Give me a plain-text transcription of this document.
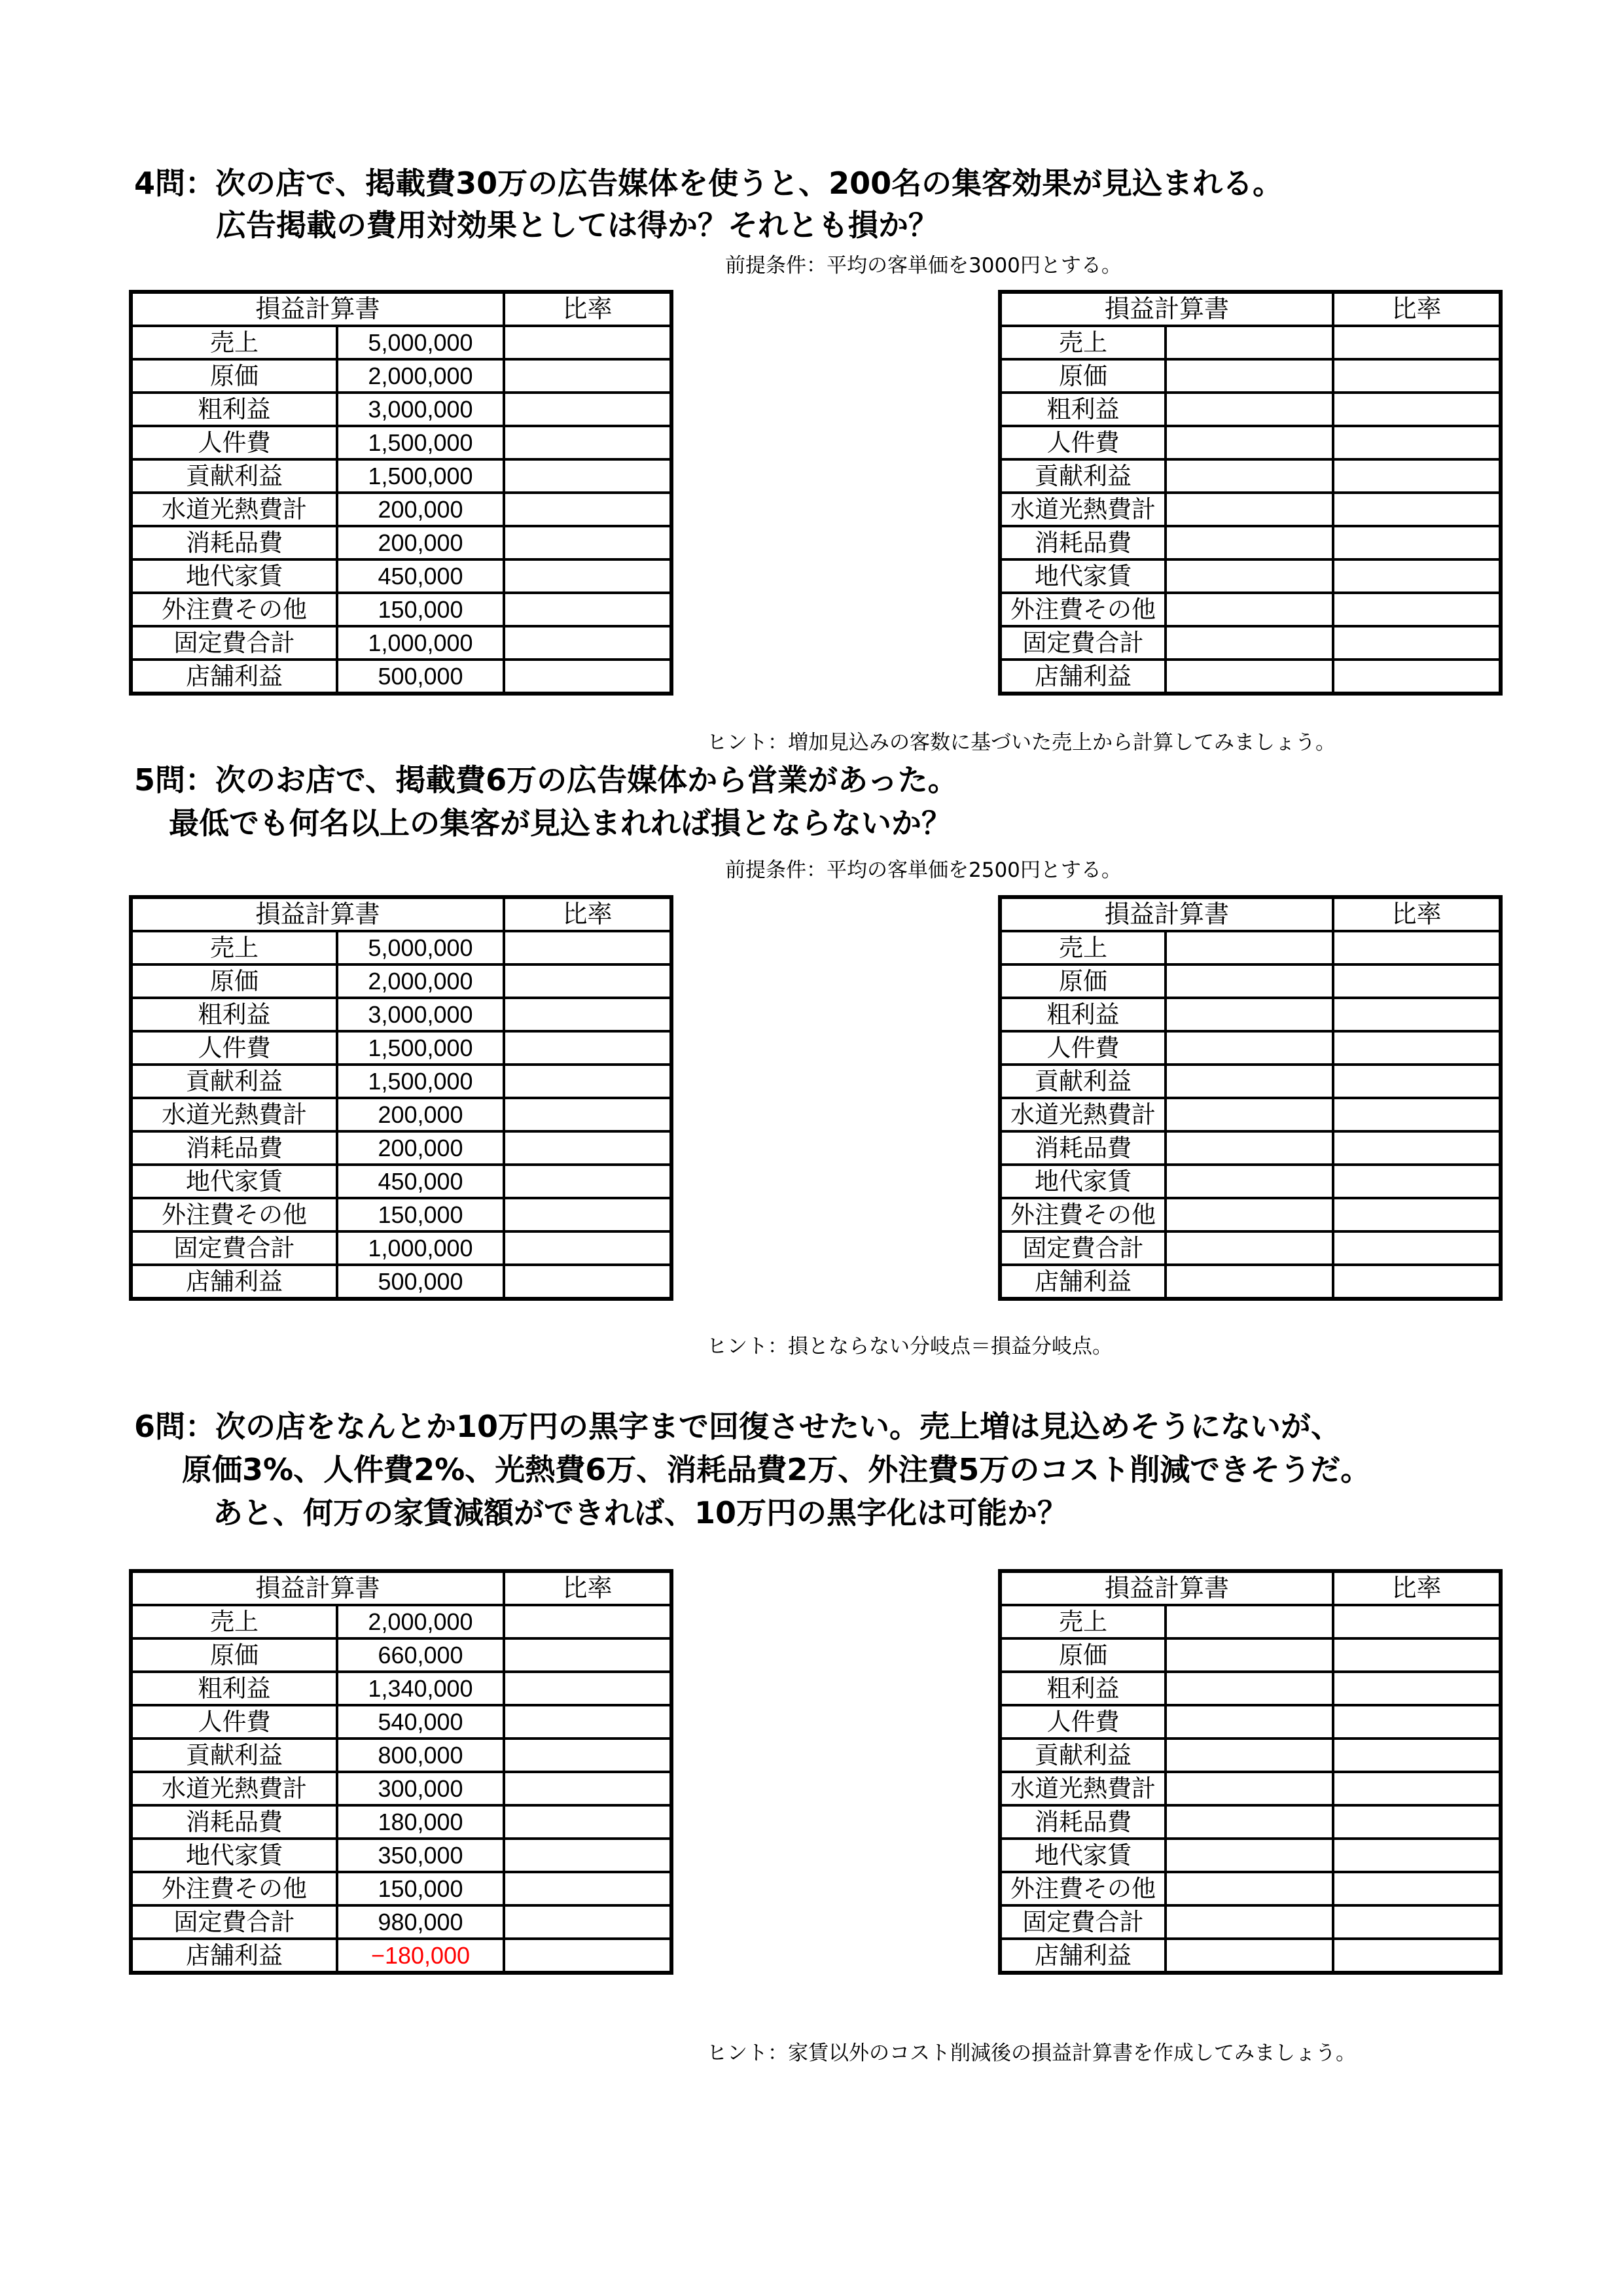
4問：次の店で、掲載費30万の広告媒体を使うと、200名の集客効果が見込まれる。
広告掲載の費用対効果としては得か？それとも損か？
前提条件：平均の客単価を3000円とする。
損益計算書		比率
売上	5,000,000	
原価	2,000,000	
粗利益	3,000,000	
人件費	1,500,000	
貢献利益	1,500,000	
水道光熱費計	200,000	
消耗品費	200,000	
地代家賃	450,000	
外注費その他	150,000	
固定費合計	1,000,000	
店舗利益	500,000	
損益計算書		比率
売上		
原価		
粗利益		
人件費		
貢献利益		
水道光熱費計		
消耗品費		
地代家賃		
外注費その他		
固定費合計		
店舗利益		
ヒント：増加見込みの客数に基づいた売上から計算してみましょう。
5問：次のお店で、掲載費6万の広告媒体から営業があった。
最低でも何名以上の集客が見込まれれば損とならないか？
前提条件：平均の客単価を2500円とする。
損益計算書		比率
売上	5,000,000	
原価	2,000,000	
粗利益	3,000,000	
人件費	1,500,000	
貢献利益	1,500,000	
水道光熱費計	200,000	
消耗品費	200,000	
地代家賃	450,000	
外注費その他	150,000	
固定費合計	1,000,000	
店舗利益	500,000	
損益計算書		比率
売上		
原価		
粗利益		
人件費		
貢献利益		
水道光熱費計		
消耗品費		
地代家賃		
外注費その他		
固定費合計		
店舗利益		
ヒント：損とならない分岐点＝損益分岐点。
6問：次の店をなんとか10万円の黒字まで回復させたい。売上増は見込めそうにないが、
原価3%、人件費2%、光熱費6万、消耗品費2万、外注費5万のコスト削減できそうだ。
あと、何万の家賃減額ができれば、10万円の黒字化は可能か？
損益計算書		比率
売上	2,000,000	
原価	660,000	
粗利益	1,340,000	
人件費	540,000	
貢献利益	800,000	
水道光熱費計	300,000	
消耗品費	180,000	
地代家賃	350,000	
外注費その他	150,000	
固定費合計	980,000	
店舗利益	−180,000	
損益計算書		比率
売上		
原価		
粗利益		
人件費		
貢献利益		
水道光熱費計		
消耗品費		
地代家賃		
外注費その他		
固定費合計		
店舗利益		
ヒント：家賃以外のコスト削減後の損益計算書を作成してみましょう。
